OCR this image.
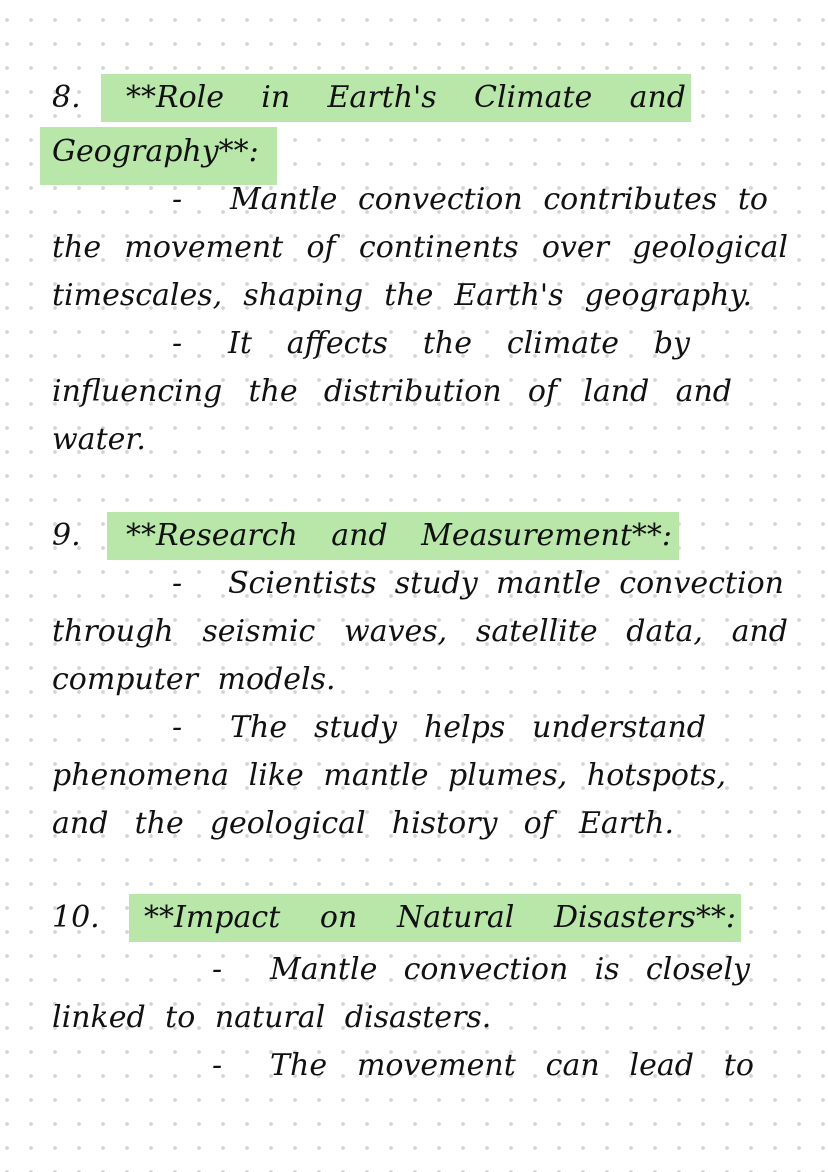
8. **Role in Earth's Climate and
Geography**:
- Mantle convection contributes to
the movement of continents over geological
timescales, shaping the Earth's geography.
- It affects the climate by
influencing the distribution of land and
water.
9. **Research and Measurement**:
- Scientists study mantle convection
through seismic waves, satellite data, and
computer models.
- The study helps understand
phenomena like mantle plumes, hotspots,
and the geological history of Earth.
10. **Impact on Natural Disasters**:
- Mantle convection is closely
linked to natural disasters.
- The movement can lead to
